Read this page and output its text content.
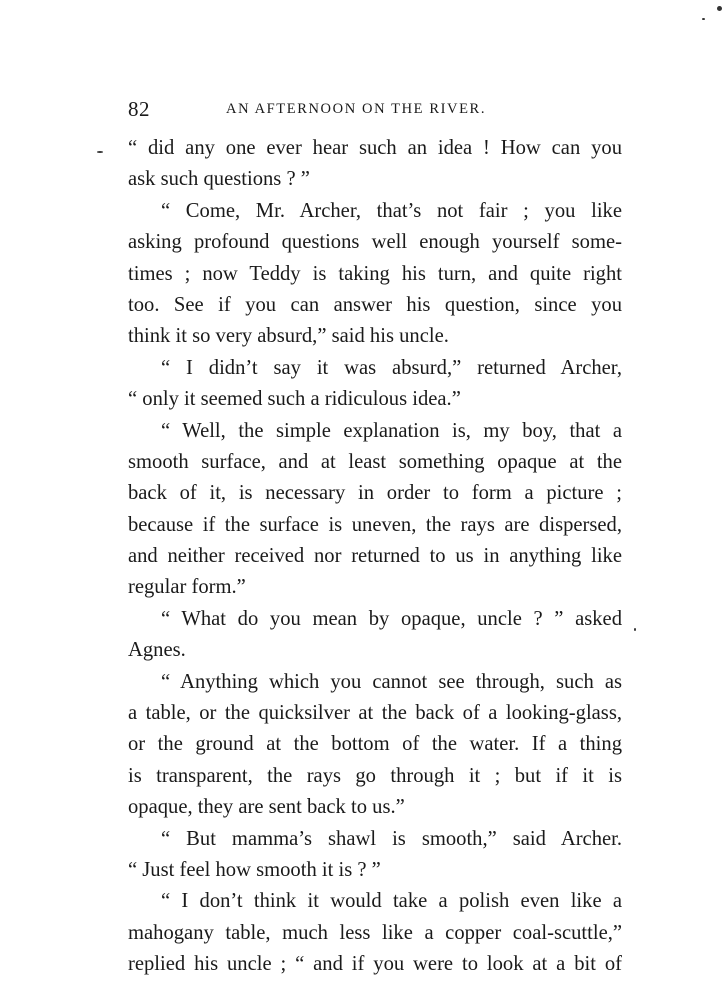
82	AN AFTERNOON ON THE RIVER.
“ did any one ever hear such an idea ! How can you
ask such questions ? ”
“ Come, Mr. Archer, that’s not fair ; you like
asking profound questions well enough yourself some-
times ; now Teddy is taking his turn, and quite right
too. See if you can answer his question, since you
think it so very absurd,” said his uncle.
“ I didn’t say it was absurd,” returned Archer,
“ only it seemed such a ridiculous idea.”
“ Well, the simple explanation is, my boy, that a
smooth surface, and at least something opaque at the
back of it, is necessary in order to form a picture ;
because if the surface is uneven, the rays are dispersed,
and neither received nor returned to us in anything like
regular form.”
“ What do you mean by opaque, uncle ? ” asked
Agnes.
“ Anything which you cannot see through, such as
a table, or the quicksilver at the back of a looking-glass,
or the ground at the bottom of the water. If a thing
is transparent, the rays go through it ; but if it is
opaque, they are sent back to us.”
“ But mamma’s shawl is smooth,” said Archer.
“ Just feel how smooth it is ? ”
“ I don’t think it would take a polish even like a
mahogany table, much less like a copper coal-scuttle,”
replied his uncle ; “ and if you were to look at a bit of
